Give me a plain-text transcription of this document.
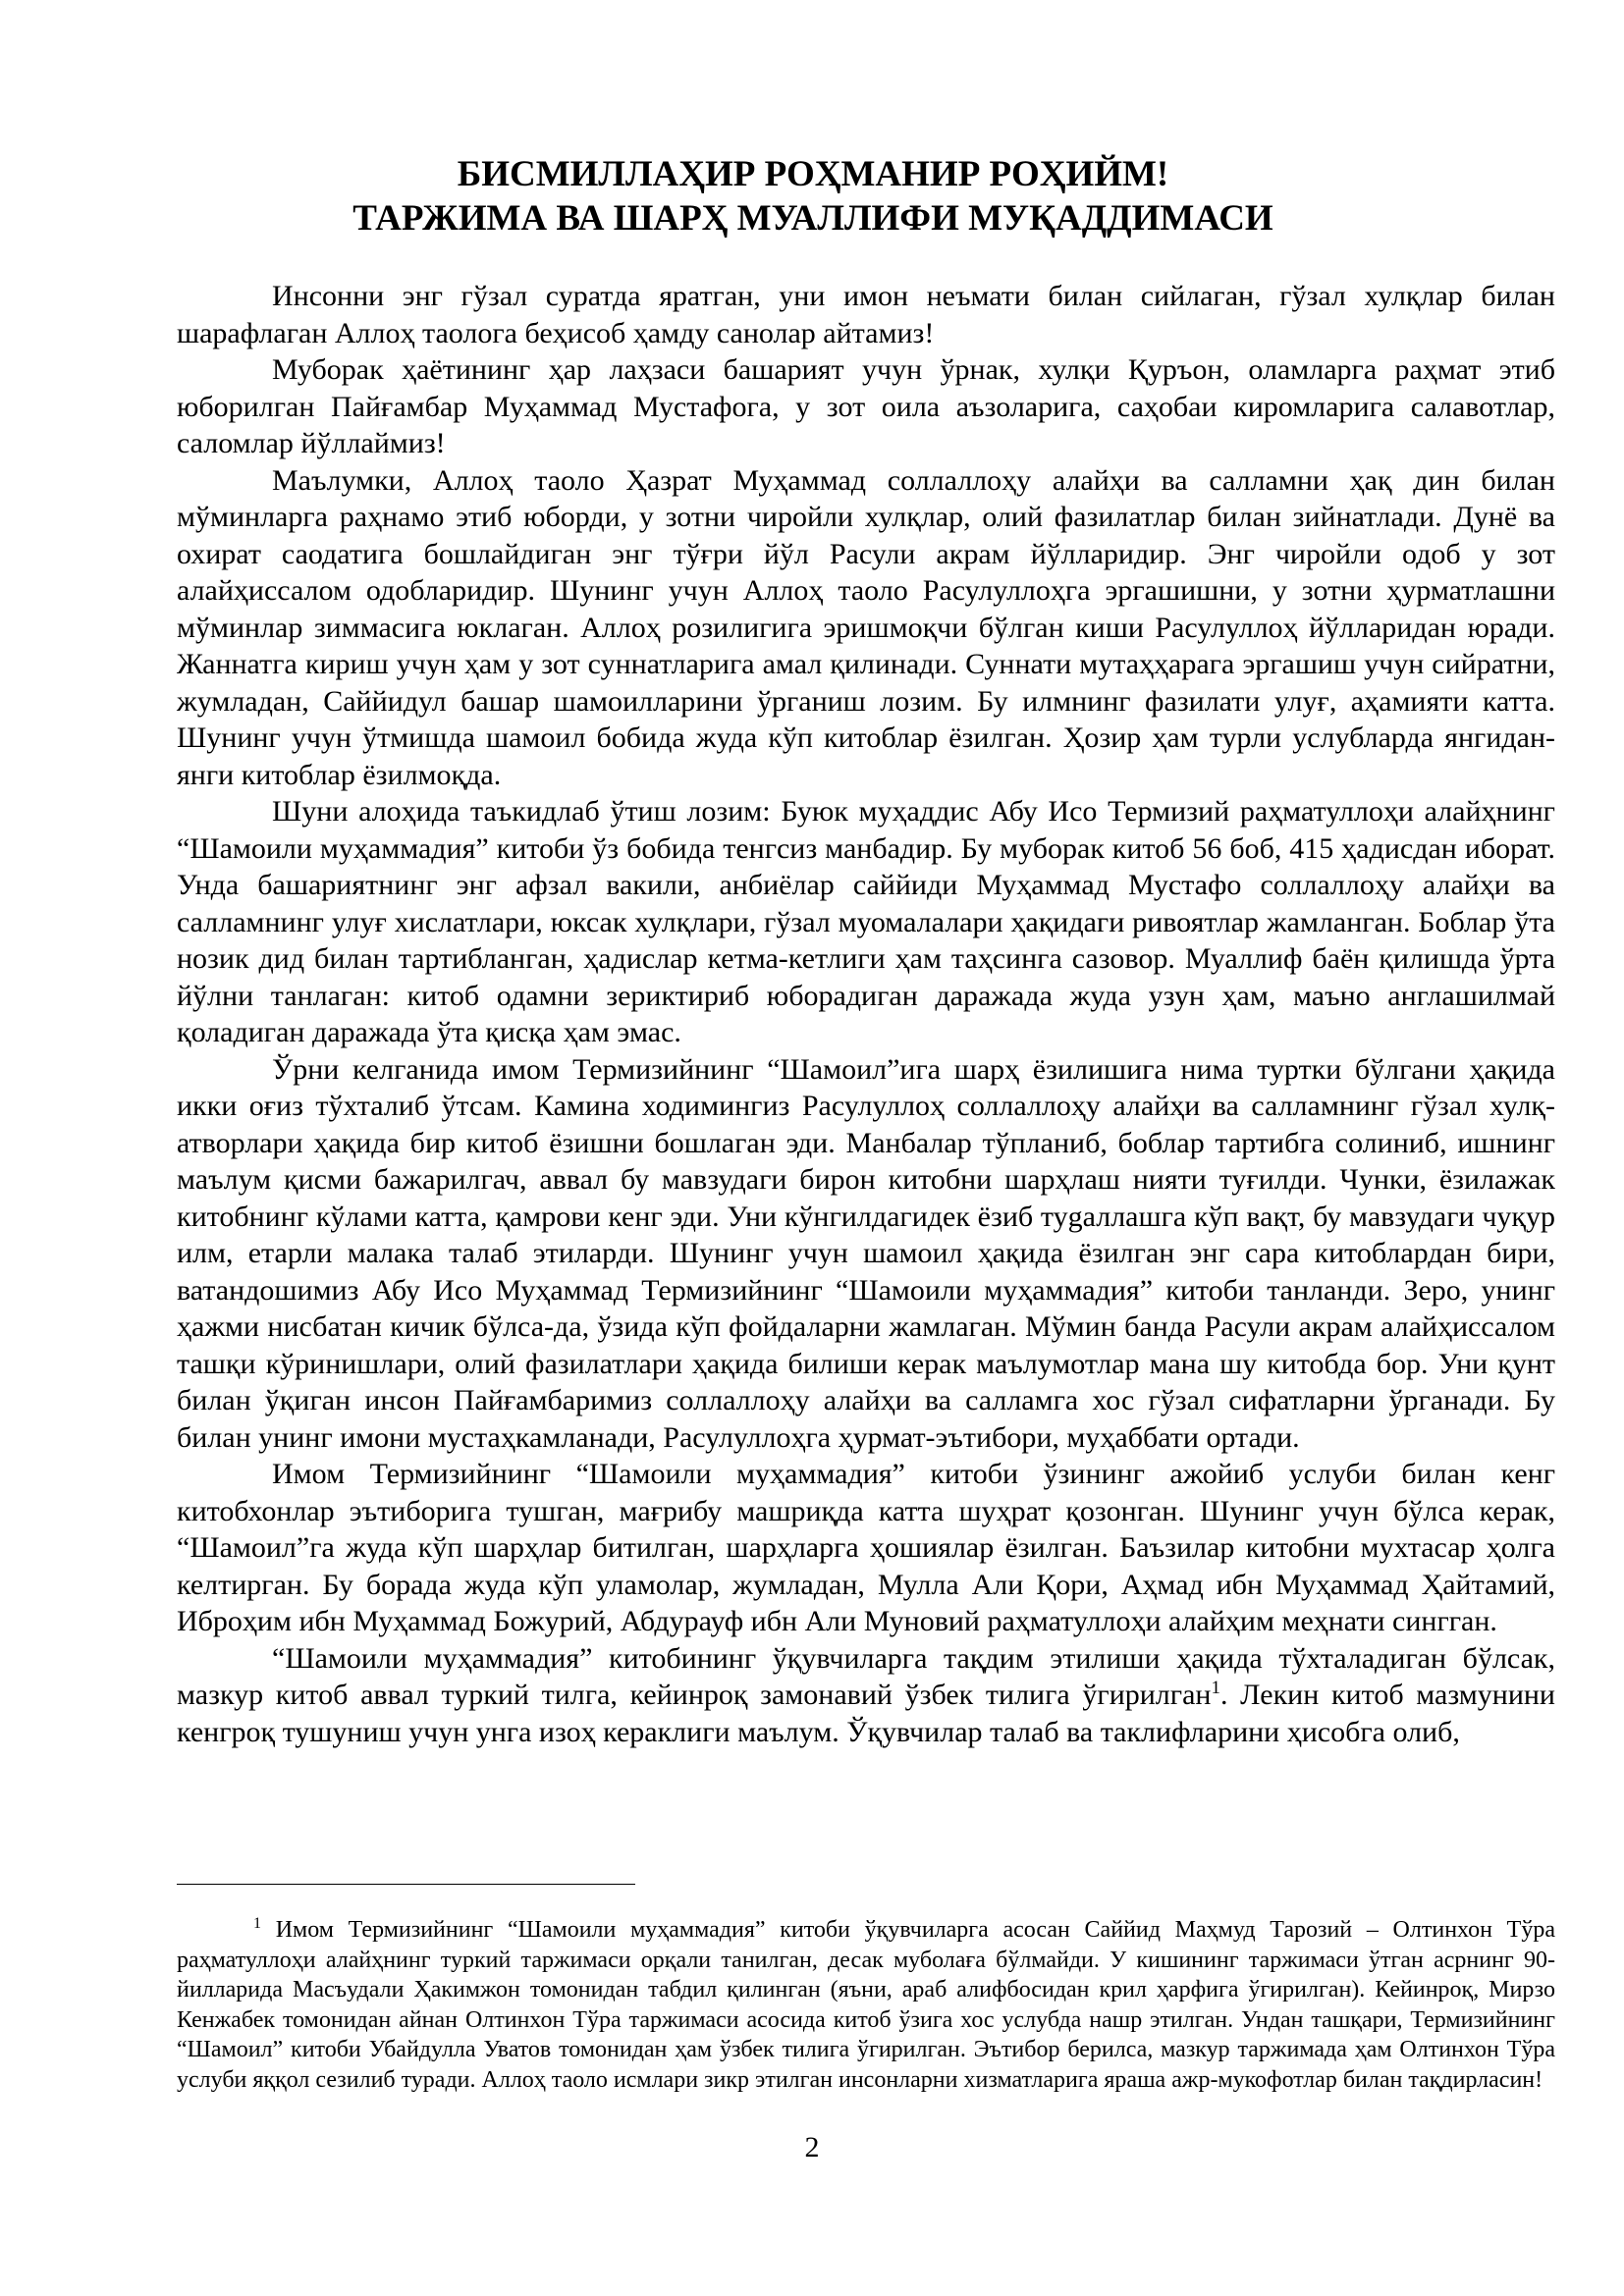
БИСМИЛЛАҲИР РОҲМАНИР РОҲИЙМ!
ТАРЖИМА ВА ШАРҲ МУАЛЛИФИ МУҚАДДИМАСИ

Инсонни энг гўзал суратда яратган, уни имон неъмати билан сийлаган, гўзал хулқлар билан шарафлаган Аллоҳ таолога беҳисоб ҳамду санолар айтамиз!

Муборак ҳаётининг ҳар лаҳзаси башарият учун ўрнак, хулқи Қуръон, оламларга раҳмат этиб юборилган Пайғамбар Муҳаммад Мустафога, у зот оила аъзоларига, саҳобаи киромларига салавотлар, саломлар йўллаймиз!

Маълумки, Аллоҳ таоло Ҳазрат Муҳаммад соллаллоҳу алайҳи ва салламни ҳақ дин билан мўминларга раҳнамо этиб юборди, у зотни чиройли хулқлар, олий фазилатлар билан зийнатлади. Дунё ва охират саодатига бошлайдиган энг тўғри йўл Расули акрам йўлларидир. Энг чиройли одоб у зот алайҳиссалом одобларидир. Шунинг учун Аллоҳ таоло Расулуллоҳга эргашишни, у зотни ҳурматлашни мўминлар зиммасига юклаган. Аллоҳ розилигига эришмоқчи бўлган киши Расулуллоҳ йўлларидан юради. Жаннатга кириш учун ҳам у зот суннатларига амал қилинади. Суннати мутаҳҳарага эргашиш учун сийратни, жумладан, Саййидул башар шамоилларини ўрганиш лозим. Бу илмнинг фазилати улуғ, аҳамияти катта. Шунинг учун ўтмишда шамоил бобида жуда кўп китоблар ёзилган. Ҳозир ҳам турли услубларда янгидан-янги китоблар ёзилмоқда.

Шуни алоҳида таъкидлаб ўтиш лозим: Буюк муҳаддис Абу Исо Термизий раҳматуллоҳи алайҳнинг “Шамоили муҳаммадия” китоби ўз бобида тенгсиз манбадир. Бу муборак китоб 56 боб, 415 ҳадисдан иборат. Унда башариятнинг энг афзал вакили, анбиёлар саййиди Муҳаммад Мустафо соллаллоҳу алайҳи ва салламнинг улуғ хислатлари, юксак хулқлари, гўзал муомалалари ҳақидаги ривоятлар жамланган. Боблар ўта нозик дид билан тартибланган, ҳадислар кетма-кетлиги ҳам таҳсинга сазовор. Муаллиф баён қилишда ўрта йўлни танлаган: китоб одамни зериктириб юборадиган даражада жуда узун ҳам, маъно англашилмай қоладиган даражада ўта қисқа ҳам эмас.

Ўрни келганида имом Термизийнинг “Шамоил”ига шарҳ ёзилишига нима туртки бўлгани ҳақида икки оғиз тўхталиб ўтсам. Камина ходимингиз Расулуллоҳ соллаллоҳу алайҳи ва салламнинг гўзал хулқ-атворлари ҳақида бир китоб ёзишни бошлаган эди. Манбалар тўпланиб, боблар тартибга солиниб, ишнинг маълум қисми бажарилгач, аввал бу мавзудаги бирон китобни шарҳлаш нияти туғилди. Чунки, ёзилажак китобнинг кўлами катта, қамрови кенг эди. Уни кўнгилдагидек ёзиб туgаллашга кўп вақт, бу мавзудаги чуқур илм, етарли малака талаб этиларди. Шунинг учун шамоил ҳақида ёзилган энг сара китоблардан бири, ватандошимиз Абу Исо Муҳаммад Термизийнинг “Шамоили муҳаммадия” китоби танланди. Зеро, унинг ҳажми нисбатан кичик бўлса-да, ўзида кўп фойдаларни жамлаган. Мўмин банда Расули акрам алайҳиссалом ташқи кўринишлари, олий фазилатлари ҳақида билиши керак маълумотлар мана шу китобда бор. Уни қунт билан ўқиган инсон Пайғамбаримиз соллаллоҳу алайҳи ва салламга хос гўзал сифатларни ўрганади. Бу билан унинг имони мустаҳкамланади, Расулуллоҳга ҳурмат-эътибори, муҳаббати ортади.

Имом Термизийнинг “Шамоили муҳаммадия” китоби ўзининг ажойиб услуби билан кенг китобхонлар эътиборига тушган, мағрибу машриқда катта шуҳрат қозонган. Шунинг учун бўлса керак, “Шамоил”га жуда кўп шарҳлар битилган, шарҳларга ҳошиялар ёзилган. Баъзилар китобни мухтасар ҳолга келтирган. Бу борада жуда кўп уламолар, жумладан, Мулла Али Қори, Аҳмад ибн Муҳаммад Ҳайтамий, Иброҳим ибн Муҳаммад Божурий, Абдурауф ибн Али Муновий раҳматуллоҳи алайҳим меҳнати сингган.

“Шамоили муҳаммадия” китобининг ўқувчиларга тақдим этилиши ҳақида тўхталадиган бўлсак, мазкур китоб аввал туркий тилга, кейинроқ замонавий ўзбек тилига ўгирилган$^1$. Лекин китоб мазмунини кенгроқ тушуниш учун унга изоҳ кераклиги маълум. Ўқувчилар талаб ва таклифларини ҳисобга олиб,

$^1$ Имом Термизийнинг “Шамоили муҳаммадия” китоби ўқувчиларга асосан Саййид Маҳмуд Тарозий – Олтинхон Тўра раҳматуллоҳи алайҳнинг туркий таржимаси орқали танилган, десак муболаға бўлмайди. У кишининг таржимаси ўтган асрнинг 90-йилларида Масъудали Ҳакимжон томонидан табдил қилинган (яъни, араб алифбосидан крил ҳарфига ўгирилган). Кейинроқ, Мирзо Кенжабек томонидан айнан Олтинхон Тўра таржимаси асосида китоб ўзига хос услубда нашр этилган. Ундан ташқари, Термизийнинг “Шамоил” китоби Убайдулла Уватов томонидан ҳам ўзбек тилига ўгирилган. Эътибор берилса, мазкур таржимада ҳам Олтинхон Тўра услуби яққол сезилиб туради. Аллоҳ таоло исмлари зикр этилган инсонларни хизматларига яраша ажр-мукофотлар билан тақдирласин!

2
